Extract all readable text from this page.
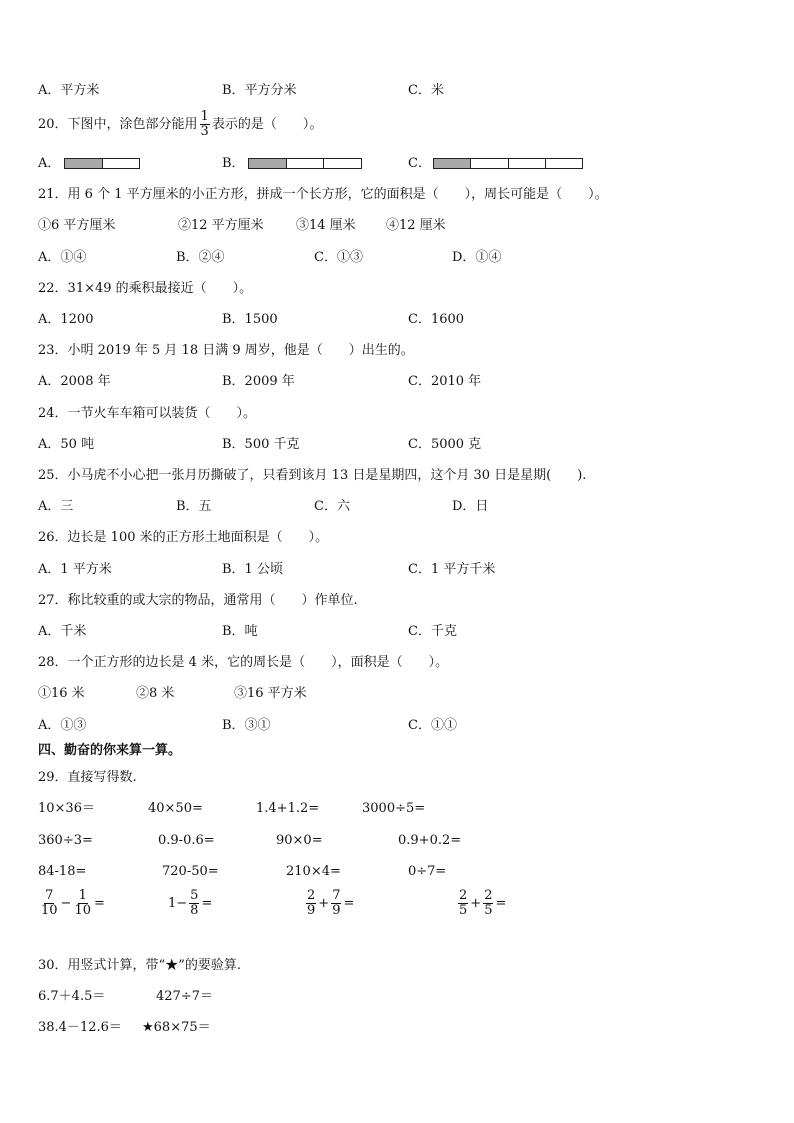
A．平方米	B．平方分米	C．米
20．下图中，涂色部分能用 $\frac{1}{3}$ 表示的是（　　）。
A．	B．	C．
21．用 6 个 1 平方厘米的小正方形，拼成一个长方形，它的面积是（　　），周长可能是（　　）。
①6 平方厘米	②12 平方厘米 ③14 厘米 ④12 厘米
A．①④	B．②④	C．①③	D．①④
22．31×49 的乘积最接近（　　）。
A．1200	B．1500	C．1600
23．小明 2019 年 5 月 18 日满 9 周岁，他是（　　）出生的。
A．2008 年	B．2009 年	C．2010 年
24．一节火车车箱可以装货（　　）。
A．50 吨	B．500 千克	C．5000 克
25．小马虎不小心把一张月历撕破了，只看到该月 13 日是星期四，这个月 30 日是星期(　　).
A．三	B．五	C．六	D．日
26．边长是 100 米的正方形土地面积是（　　）。
A．1 平方米	B．1 公顷	C．1 平方千米
27．称比较重的或大宗的物品，通常用（　　）作单位.
A．千米	B．吨	C．千克
28．一个正方形的边长是 4 米，它的周长是（　　），面积是（　　）。
①16 米	②8 米	③16 平方米
A．①③	B．③①	C．①①
四、勤奋的你来算一算。
29．直接写得数.
10×36＝	40×50=	1.4+1.2=	3000÷5=
360÷3=	0.9-0.6=	90×0=	0.9+0.2=
84-18=	720-50=	210×4=	0÷7=
$\frac{7}{10} - \frac{1}{10}$ =	$1- \frac{5}{8}$ =	$\frac{2}{9} + \frac{7}{9}$ =	$\frac{2}{5} + \frac{2}{5}$ =
30．用竖式计算，带“★”的要验算.
6.7＋4.5＝	427÷7＝
38.4－12.6＝ ★68×75＝
